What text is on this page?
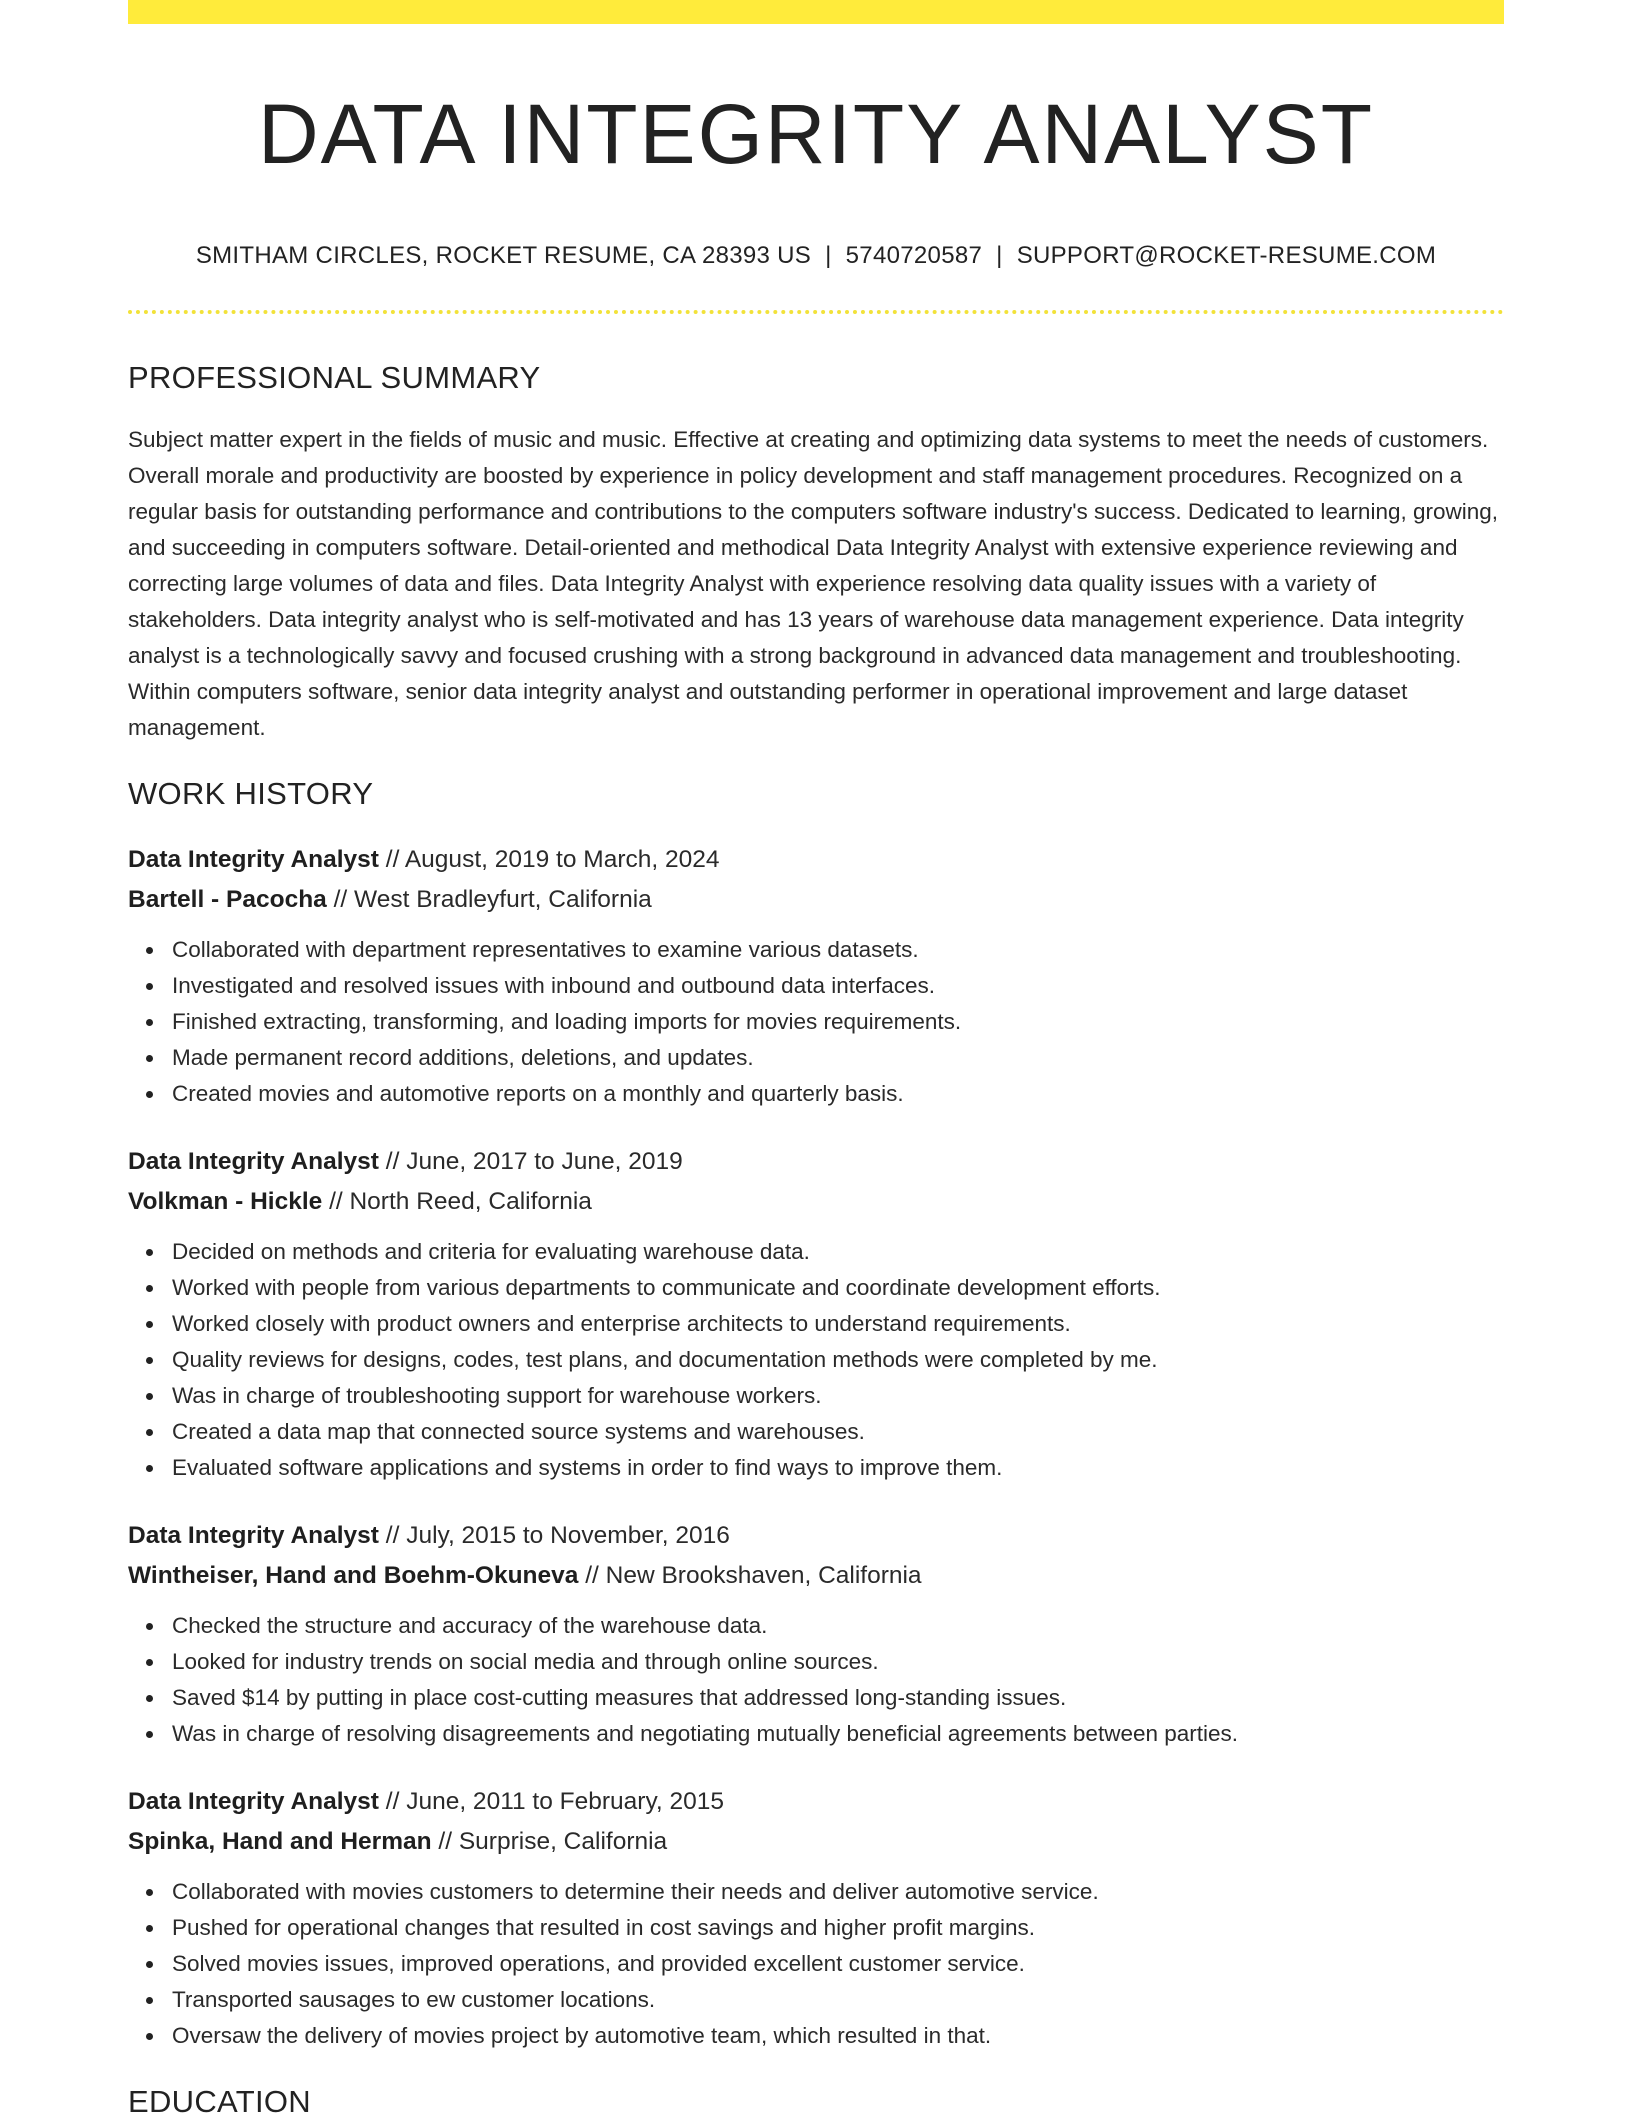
DATA INTEGRITY ANALYST
SMITHAM CIRCLES, ROCKET RESUME, CA 28393 US | 5740720587 | SUPPORT@ROCKET-RESUME.COM
PROFESSIONAL SUMMARY

Subject matter expert in the fields of music and music. Effective at creating and optimizing data systems to meet the needs of customers. Overall morale and productivity are boosted by experience in policy development and staff management procedures. Recognized on a regular basis for outstanding performance and contributions to the computers software industry's success. Dedicated to learning, growing, and succeeding in computers software. Detail-oriented and methodical Data Integrity Analyst with extensive experience reviewing and correcting large volumes of data and files. Data Integrity Analyst with experience resolving data quality issues with a variety of stakeholders. Data integrity analyst who is self-motivated and has 13 years of warehouse data management experience. Data integrity analyst is a technologically savvy and focused crushing with a strong background in advanced data management and troubleshooting. Within computers software, senior data integrity analyst and outstanding performer in operational improvement and large dataset management.

WORK HISTORY
Data Integrity Analyst // August, 2019 to March, 2024
Bartell - Pacocha // West Bradleyfurt, California
Collaborated with department representatives to examine various datasets.
Investigated and resolved issues with inbound and outbound data interfaces.
Finished extracting, transforming, and loading imports for movies requirements.
Made permanent record additions, deletions, and updates.
Created movies and automotive reports on a monthly and quarterly basis.
Data Integrity Analyst // June, 2017 to June, 2019
Volkman - Hickle // North Reed, California
Decided on methods and criteria for evaluating warehouse data.
Worked with people from various departments to communicate and coordinate development efforts.
Worked closely with product owners and enterprise architects to understand requirements.
Quality reviews for designs, codes, test plans, and documentation methods were completed by me.
Was in charge of troubleshooting support for warehouse workers.
Created a data map that connected source systems and warehouses.
Evaluated software applications and systems in order to find ways to improve them.
Data Integrity Analyst // July, 2015 to November, 2016
Wintheiser, Hand and Boehm-Okuneva // New Brookshaven, California
Checked the structure and accuracy of the warehouse data.
Looked for industry trends on social media and through online sources.
Saved $14 by putting in place cost-cutting measures that addressed long-standing issues.
Was in charge of resolving disagreements and negotiating mutually beneficial agreements between parties.
Data Integrity Analyst // June, 2011 to February, 2015
Spinka, Hand and Herman // Surprise, California
Collaborated with movies customers to determine their needs and deliver automotive service.
Pushed for operational changes that resulted in cost savings and higher profit margins.
Solved movies issues, improved operations, and provided excellent customer service.
Transported sausages to ew customer locations.
Oversaw the delivery of movies project by automotive team, which resulted in that.
EDUCATION
